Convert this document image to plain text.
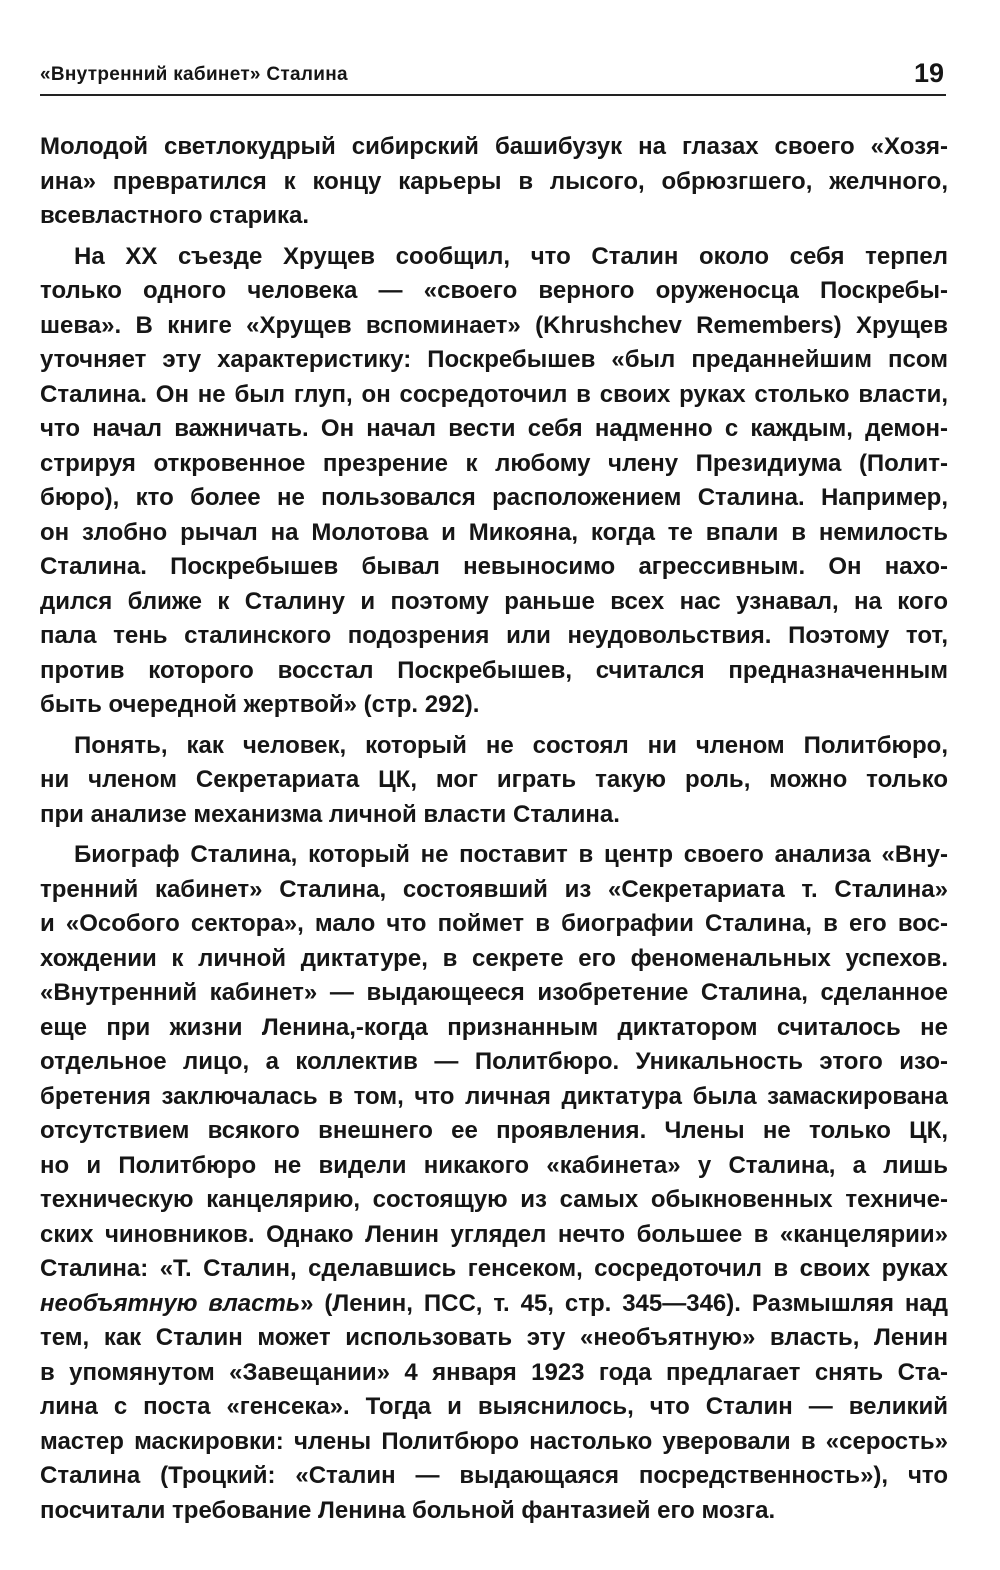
«Внутренний кабинет» Сталина	19
Молодой светлокудрый сибирский башибузук на глазах своего «Хозя-
ина» превратился к концу карьеры в лысого, обрюзгшего, желчного,
всевластного старика.
На XX съезде Хрущев сообщил, что Сталин около себя терпел
только одного человека — «своего верного оруженосца Поскребы-
шева». В книге «Хрущев вспоминает» (Khrushchev Remembers) Хрущев
уточняет эту характеристику: Поскребышев «был преданнейшим псом
Сталина. Он не был глуп, он сосредоточил в своих руках столько власти,
что начал важничать. Он начал вести себя надменно с каждым, демон-
стрируя откровенное презрение к любому члену Президиума (Полит-
бюро), кто более не пользовался расположением Сталина. Например,
он злобно рычал на Молотова и Микояна, когда те впали в немилость
Сталина. Поскребышев бывал невыносимо агрессивным. Он нахо-
дился ближе к Сталину и поэтому раньше всех нас узнавал, на кого
пала тень сталинского подозрения или неудовольствия. Поэтому тот,
против которого восстал Поскребышев, считался предназначенным
быть очередной жертвой» (стр. 292).
Понять, как человек, который не состоял ни членом Политбюро,
ни членом Секретариата ЦК, мог играть такую роль, можно только
при анализе механизма личной власти Сталина.
Биограф Сталина, который не поставит в центр своего анализа «Вну-
тренний кабинет» Сталина, состоявший из «Секретариата т. Сталина»
и «Особого сектора», мало что поймет в биографии Сталина, в его вос-
хождении к личной диктатуре, в секрете его феноменальных успехов.
«Внутренний кабинет» — выдающееся изобретение Сталина, сделанное
еще при жизни Ленина,-когда признанным диктатором считалось не
отдельное лицо, а коллектив — Политбюро. Уникальность этого изо-
бретения заключалась в том, что личная диктатура была замаскирована
отсутствием всякого внешнего ее проявления. Члены не только ЦК,
но и Политбюро не видели никакого «кабинета» у Сталина, а лишь
техническую канцелярию, состоящую из самых обыкновенных техниче-
ских чиновников. Однако Ленин углядел нечто большее в «канцелярии»
Сталина: «Т. Сталин, сделавшись генсеком, сосредоточил в своих руках
необъятную власть» (Ленин, ПСС, т. 45, стр. 345—346). Размышляя над
тем, как Сталин может использовать эту «необъятную» власть, Ленин
в упомянутом «Завещании» 4 января 1923 года предлагает снять Ста-
лина с поста «генсека». Тогда и выяснилось, что Сталин — великий
мастер маскировки: члены Политбюро настолько уверовали в «серость»
Сталина (Троцкий: «Сталин — выдающаяся посредственность»), что
посчитали требование Ленина больной фантазией его мозга.
